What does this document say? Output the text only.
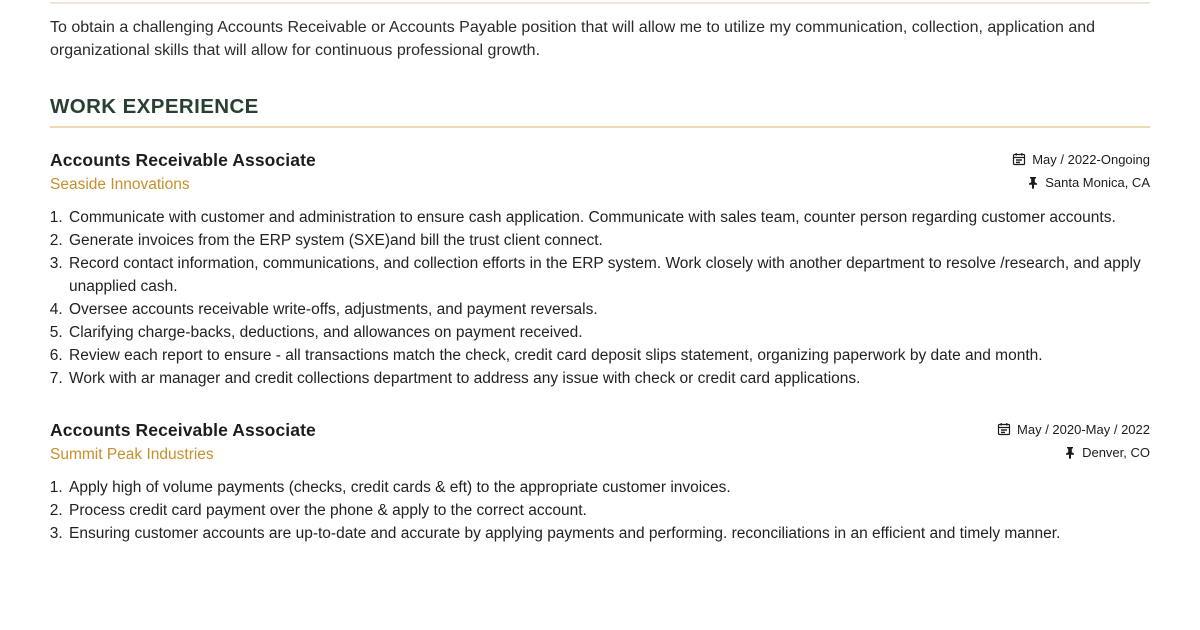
To obtain a challenging Accounts Receivable or Accounts Payable position that will allow me to utilize my communication, collection, application and organizational skills that will allow for continuous professional growth.

WORK EXPERIENCE
Accounts Receivable Associate	May / 2022-Ongoing
Seaside Innovations	Santa Monica, CA
1. Communicate with customer and administration to ensure cash application. Communicate with sales team, counter person regarding customer accounts.
2. Generate invoices from the ERP system (SXE)and bill the trust client connect.
3. Record contact information, communications, and collection efforts in the ERP system. Work closely with another department to resolve /research, and apply unapplied cash.
4. Oversee accounts receivable write-offs, adjustments, and payment reversals.
5. Clarifying charge-backs, deductions, and allowances on payment received.
6. Review each report to ensure - all transactions match the check, credit card deposit slips statement, organizing paperwork by date and month.
7. Work with ar manager and credit collections department to address any issue with check or credit card applications.
Accounts Receivable Associate	May / 2020-May / 2022
Summit Peak Industries	Denver, CO
1. Apply high of volume payments (checks, credit cards & eft) to the appropriate customer invoices.
2. Process credit card payment over the phone & apply to the correct account.
3. Ensuring customer accounts are up-to-date and accurate by applying payments and performing. reconciliations in an efficient and timely manner.
